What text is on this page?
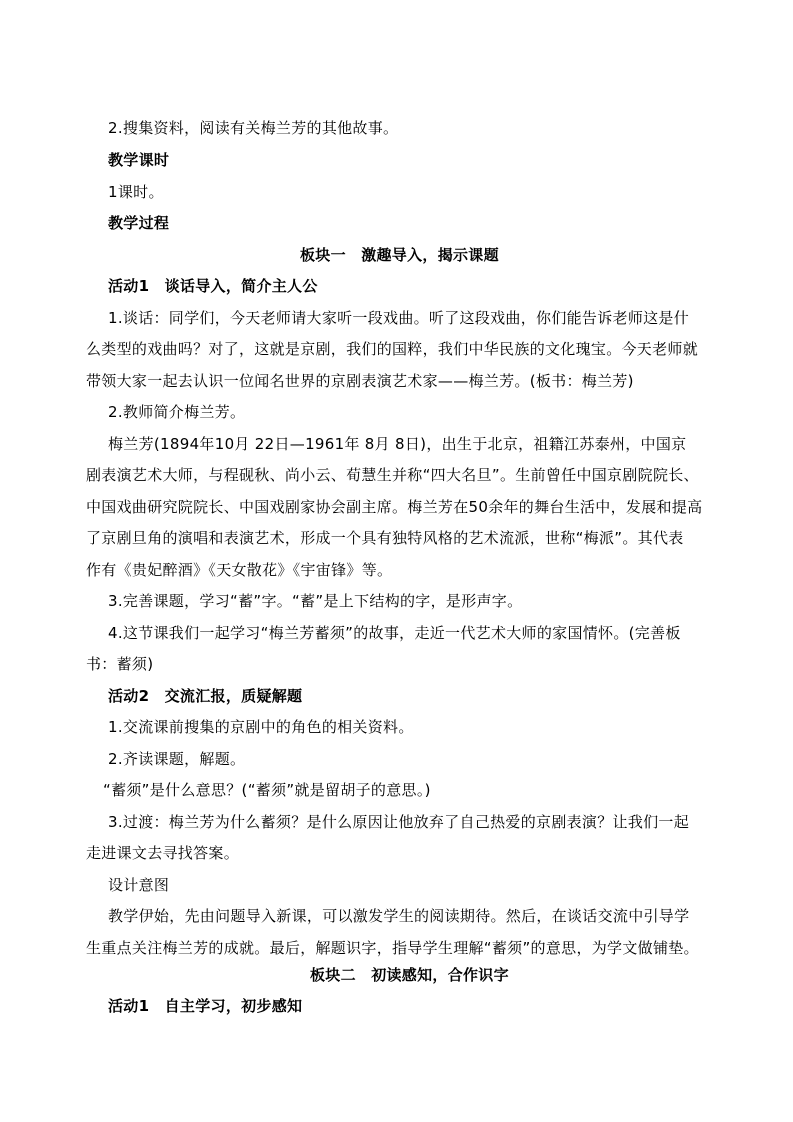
2.搜集资料，阅读有关梅兰芳的其他故事。
教学课时
1课时。
教学过程
板块一　激趣导入，揭示课题
活动1　谈话导入，简介主人公
1.谈话：同学们，今天老师请大家听一段戏曲。听了这段戏曲，你们能告诉老师这是什
么类型的戏曲吗？对了，这就是京剧，我们的国粹，我们中华民族的文化瑰宝。今天老师就
带领大家一起去认识一位闻名世界的京剧表演艺术家——梅兰芳。(板书：梅兰芳)
2.教师简介梅兰芳。
梅兰芳(1894年10月 22日—1961年 8月 8日)，出生于北京，祖籍江苏泰州，中国京
剧表演艺术大师，与程砚秋、尚小云、荀慧生并称“四大名旦”。生前曾任中国京剧院院长、
中国戏曲研究院院长、中国戏剧家协会副主席。梅兰芳在50余年的舞台生活中，发展和提高
了京剧旦角的演唱和表演艺术，形成一个具有独特风格的艺术流派，世称“梅派”。其代表
作有《贵妃醉酒》《天女散花》《宇宙锋》等。
3.完善课题，学习“蓄”字。“蓄”是上下结构的字，是形声字。
4.这节课我们一起学习“梅兰芳蓄须”的故事，走近一代艺术大师的家国情怀。(完善板
书：蓄须)
活动2　交流汇报，质疑解题
1.交流课前搜集的京剧中的角色的相关资料。
2.齐读课题，解题。
“蓄须”是什么意思？(“蓄须”就是留胡子的意思。)
3.过渡：梅兰芳为什么蓄须？是什么原因让他放弃了自己热爱的京剧表演？让我们一起
走进课文去寻找答案。
设计意图
教学伊始，先由问题导入新课，可以激发学生的阅读期待。然后，在谈话交流中引导学
生重点关注梅兰芳的成就。最后，解题识字，指导学生理解“蓄须”的意思，为学文做铺垫。
板块二　初读感知，合作识字
活动1　自主学习，初步感知
